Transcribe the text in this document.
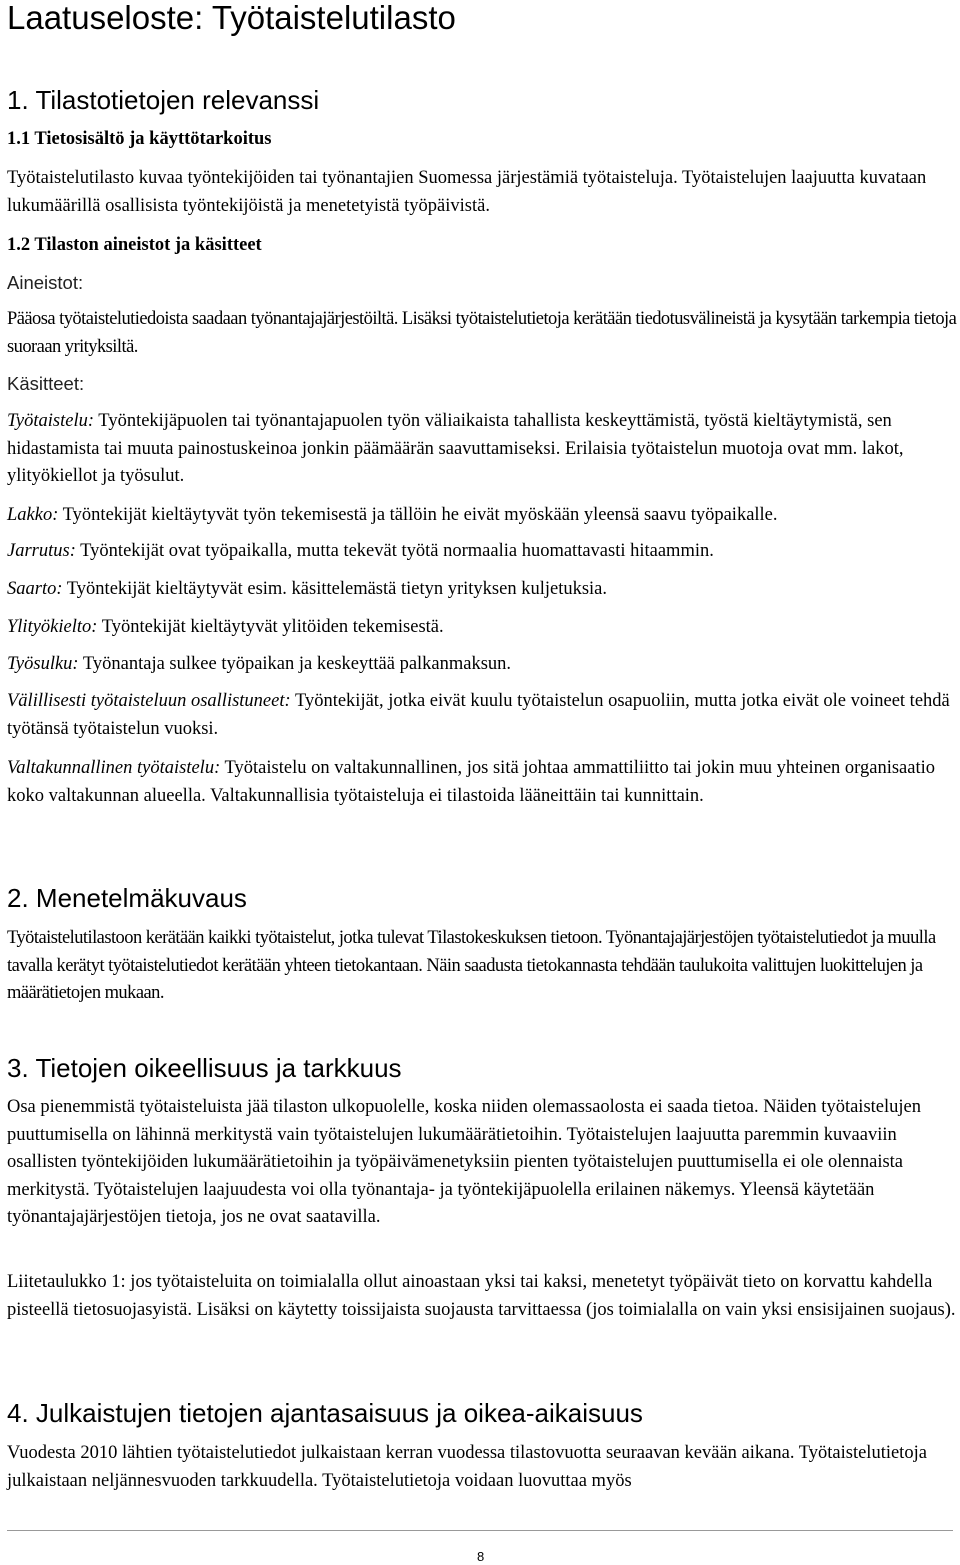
Laatuseloste: Työtaistelutilasto
1. Tilastotietojen relevanssi
1.1 Tietosisältö ja käyttötarkoitus
Työtaistelutilasto kuvaa työntekijöiden tai työnantajien Suomessa järjestämiä työtaisteluja. Työtaistelujen laajuutta kuvataan lukumäärillä osallisista työntekijöistä ja menetetyistä työpäivistä.
1.2 Tilaston aineistot ja käsitteet
Aineistot:
Pääosa työtaistelutiedoista saadaan työnantajajärjestöiltä. Lisäksi työtaistelutietoja kerätään tiedotusvälineistä ja kysytään tarkempia tietoja suoraan yrityksiltä.
Käsitteet:
Työtaistelu: Työntekijäpuolen tai työnantajapuolen työn väliaikaista tahallista keskeyttämistä, työstä kieltäytymistä, sen hidastamista tai muuta painostuskeinoa jonkin päämäärän saavuttamiseksi. Erilaisia työtaistelun muotoja ovat mm. lakot, ylityökiellot ja työsulut.
Lakko: Työntekijät kieltäytyvät työn tekemisestä ja tällöin he eivät myöskään yleensä saavu työpaikalle.
Jarrutus: Työntekijät ovat työpaikalla, mutta tekevät työtä normaalia huomattavasti hitaammin.
Saarto: Työntekijät kieltäytyvät esim. käsittelemästä tietyn yrityksen kuljetuksia.
Ylityökielto: Työntekijät kieltäytyvät ylitöiden tekemisestä.
Työsulku: Työnantaja sulkee työpaikan ja keskeyttää palkanmaksun.
Välillisesti työtaisteluun osallistuneet: Työntekijät, jotka eivät kuulu työtaistelun osapuoliin, mutta jotka eivät ole voineet tehdä työtänsä työtaistelun vuoksi.
Valtakunnallinen työtaistelu: Työtaistelu on valtakunnallinen, jos sitä johtaa ammattiliitto tai jokin muu yhteinen organisaatio koko valtakunnan alueella. Valtakunnallisia työtaisteluja ei tilastoida lääneittäin tai kunnittain.
2. Menetelmäkuvaus
Työtaistelutilastoon kerätään kaikki työtaistelut, jotka tulevat Tilastokeskuksen tietoon. Työnantajajärjestöjen työtaistelutiedot ja muulla tavalla kerätyt työtaistelutiedot kerätään yhteen tietokantaan. Näin saadusta tietokannasta tehdään taulukoita valittujen luokittelujen ja määrätietojen mukaan.
3. Tietojen oikeellisuus ja tarkkuus
Osa pienemmistä työtaisteluista jää tilaston ulkopuolelle, koska niiden olemassaolosta ei saada tietoa. Näiden työtaistelujen puuttumisella on lähinnä merkitystä vain työtaistelujen lukumäärätietoihin. Työtaistelujen laajuutta paremmin kuvaaviin osallisten työntekijöiden lukumäärätietoihin ja työpäivämenetyksiin pienten työtaistelujen puuttumisella ei ole olennaista merkitystä. Työtaistelujen laajuudesta voi olla työnantaja- ja työntekijäpuolella erilainen näkemys. Yleensä käytetään työnantajajärjestöjen tietoja, jos ne ovat saatavilla.
Liitetaulukko 1: jos työtaisteluita on toimialalla ollut ainoastaan yksi tai kaksi, menetetyt työpäivät tieto on korvattu kahdella pisteellä tietosuojasyistä. Lisäksi on käytetty toissijaista suojausta tarvittaessa (jos toimialalla on vain yksi ensisijainen suojaus).
4. Julkaistujen tietojen ajantasaisuus ja oikea-aikaisuus
Vuodesta 2010 lähtien työtaistelutiedot julkaistaan kerran vuodessa tilastovuotta seuraavan kevään aikana. Työtaistelutietoja julkaistaan neljännesvuoden tarkkuudella. Työtaistelutietoja voidaan luovuttaa myös
8
